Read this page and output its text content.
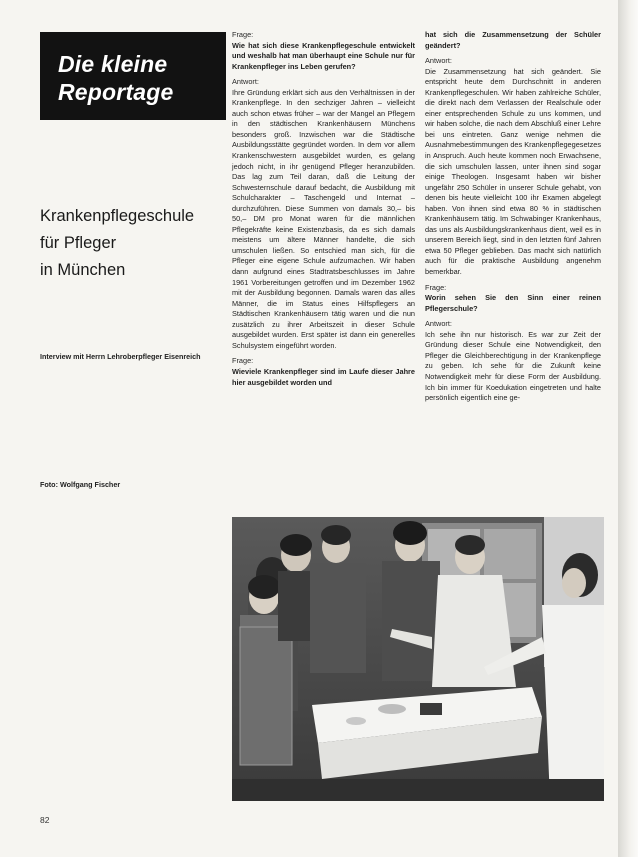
Die kleine
Reportage
Krankenpflegeschule
für Pfleger
in München
Interview mit Herrn Lehroberpfleger Eisenreich
Foto: Wolfgang Fischer
Frage:
Wie hat sich diese Krankenpflegeschule entwickelt und weshalb hat man überhaupt eine Schule nur für Krankenpfleger ins Leben gerufen?
Antwort:
Ihre Gründung erklärt sich aus den Verhältnissen in der Krankenpflege. In den sechziger Jahren – vielleicht auch schon etwas früher – war der Mangel an Pflegern in den städtischen Krankenhäusern Münchens besonders groß. Inzwischen war die Städtische Ausbildungsstätte gegründet worden. In dem vor allem Krankenschwestern ausgebildet wurden, es gelang jedoch nicht, in ihr genügend Pfleger heranzubilden. Das lag zum Teil daran, daß die Leitung der Schwesternschule darauf bedacht, die Ausbildung mit Schulcharakter – Taschengeld und Internat – durchzuführen. Diese Summen von damals 30,– bis 50,– DM pro Monat waren für die männlichen Pflegekräfte keine Existenzbasis, da es sich damals meistens um ältere Männer handelte, die sich umschulen ließen. So entschied man sich, für die Pfleger eine eigene Schule aufzumachen. Wir haben dann aufgrund eines Stadtratsbeschlusses im Jahre 1961 Vorbereitungen getroffen und im Dezember 1962 mit der Ausbildung begonnen. Damals waren das alles Männer, die im Status eines Hilfspflegers an Städtischen Krankenhäusern tätig waren und die nun zusätzlich zu ihrer Arbeitszeit in dieser Schule ausgebildet wurden. Erst später ist dann ein generelles Schulsystem eingeführt worden.
Frage:
Wieviele Krankenpfleger sind im Laufe dieser Jahre hier ausgebildet worden und
hat sich die Zusammensetzung der Schüler geändert?
Antwort:
Die Zusammensetzung hat sich geändert. Sie entspricht heute dem Durchschnitt in anderen Krankenpflegeschulen. Wir haben zahlreiche Schüler, die direkt nach dem Verlassen der Realschule oder einer entsprechenden Schule zu uns kommen, und wir haben solche, die nach dem Abschluß einer Lehre bei uns eintreten. Ganz wenige nehmen die Ausnahmebestimmungen des Krankenpflegegesetzes in Anspruch. Auch heute kommen noch Erwachsene, die sich umschulen lassen, unter ihnen sind sogar einige Theologen. Insgesamt haben wir bisher ungefähr 250 Schüler in unserer Schule gehabt, von denen bis heute vielleicht 100 ihr Examen abgelegt haben. Von ihnen sind etwa 80 % in städtischen Krankenhäusern tätig. Im Schwabinger Krankenhaus, das uns als Ausbildungskrankenhaus dient, weil es in unserem Bereich liegt, sind in den letzten fünf Jahren etwa 50 Pfleger geblieben. Das macht sich natürlich auch für die praktische Ausbildung angenehm bemerkbar.
Frage:
Worin sehen Sie den Sinn einer reinen Pflegerschule?
Antwort:
Ich sehe ihn nur historisch. Es war zur Zeit der Gründung dieser Schule eine Notwendigkeit, den Pfleger die Gleichberechtigung in der Krankenpflege zu geben. Ich sehe für die Zukunft keine Notwendigkeit mehr für diese Form der Ausbildung. Ich bin immer für Koedukation eingetreten und halte persönlich eigentlich eine ge-
82
